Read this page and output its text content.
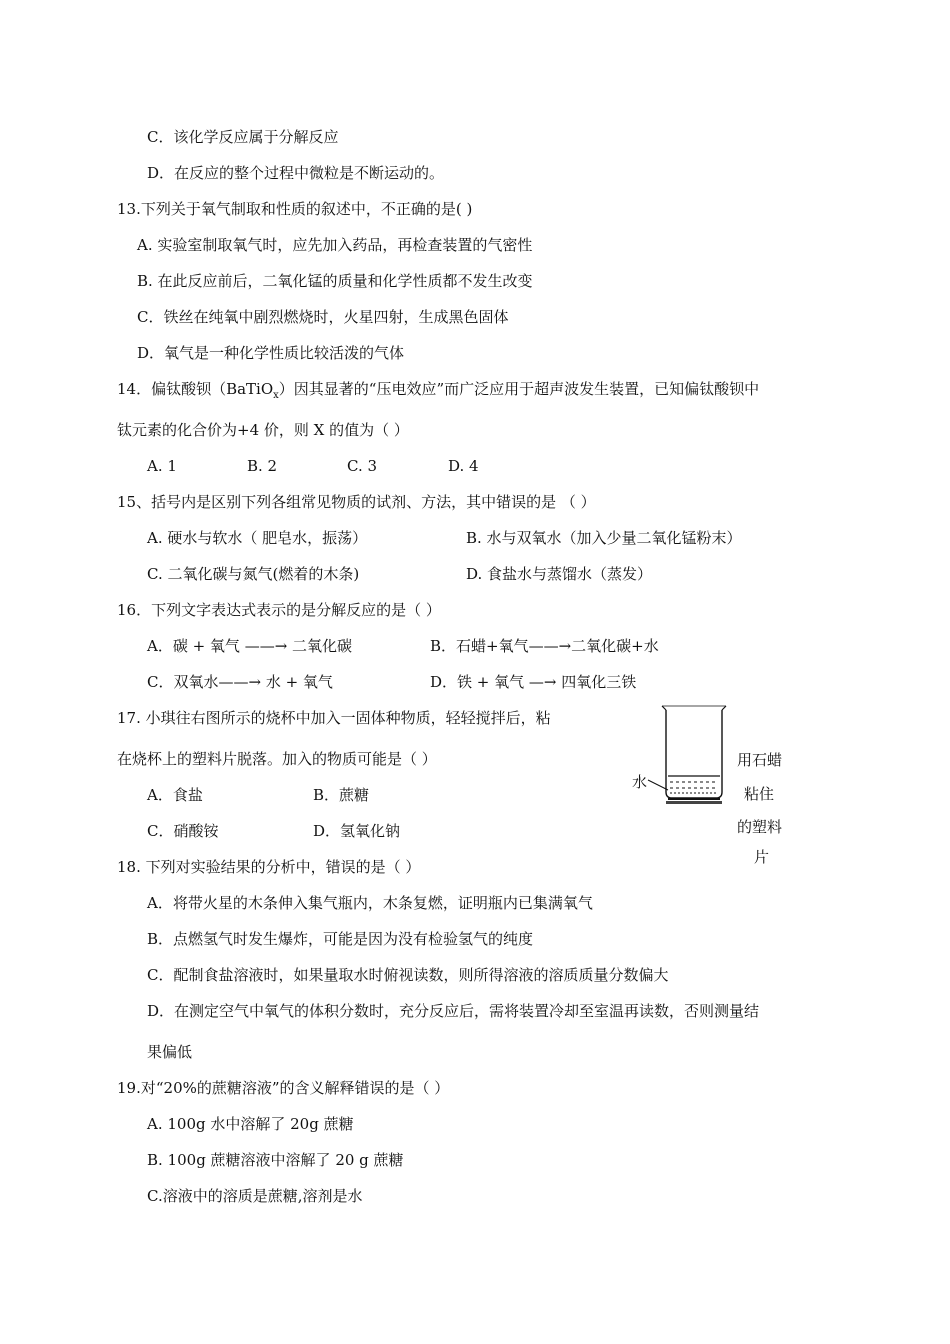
C．该化学反应属于分解反应
D．在反应的整个过程中微粒是不断运动的。
13.下列关于氧气制取和性质的叙述中，不正确的是( )
A. 实验室制取氧气时，应先加入药品，再检查装置的气密性
B. 在此反应前后，二氧化锰的质量和化学性质都不发生改变
C．铁丝在纯氧中剧烈燃烧时，火星四射，生成黑色固体
D．氧气是一种化学性质比较活泼的气体
14．偏钛酸钡（BaTiO$_x$）因其显著的“压电效应”而广泛应用于超声波发生装置，已知偏钛酸钡中
钛元素的化合价为+4 价，则 X 的值为（ ）
A. 1	B. 2	C. 3	D. 4
15、括号内是区别下列各组常见物质的试剂、方法，其中错误的是 （ ）
A. 硬水与软水（ 肥皂水，振荡）	B. 水与双氧水（加入少量二氧化锰粉末）
C. 二氧化碳与氮气(燃着的木条)	D. 食盐水与蒸馏水（蒸发）
16．下列文字表达式表示的是分解反应的是（ ）
A．碳 + 氧气 ——→ 二氧化碳	B．石蜡+氧气——→二氧化碳+水
C．双氧水——→ 水 + 氧气	D．铁 + 氧气 —→ 四氧化三铁
17. 小琪往右图所示的烧杯中加入一固体种物质，轻轻搅拌后，粘
在烧杯上的塑料片脱落。加入的物质可能是（ ）
A．食盐	B．蔗糖
C．硝酸铵	D．氢氧化钠
水
用石蜡
粘住
的塑料
片
18. 下列对实验结果的分析中，错误的是（ ）
A．将带火星的木条伸入集气瓶内，木条复燃，证明瓶内已集满氧气
B．点燃氢气时发生爆炸，可能是因为没有检验氢气的纯度
C．配制食盐溶液时，如果量取水时俯视读数，则所得溶液的溶质质量分数偏大
D．在测定空气中氧气的体积分数时，充分反应后，需将装置冷却至室温再读数，否则测量结
果偏低
19.对“20%的蔗糖溶液”的含义解释错误的是（ ）
A. 100g 水中溶解了 20g 蔗糖
B. 100g 蔗糖溶液中溶解了 20 g 蔗糖
C.溶液中的溶质是蔗糖,溶剂是水
